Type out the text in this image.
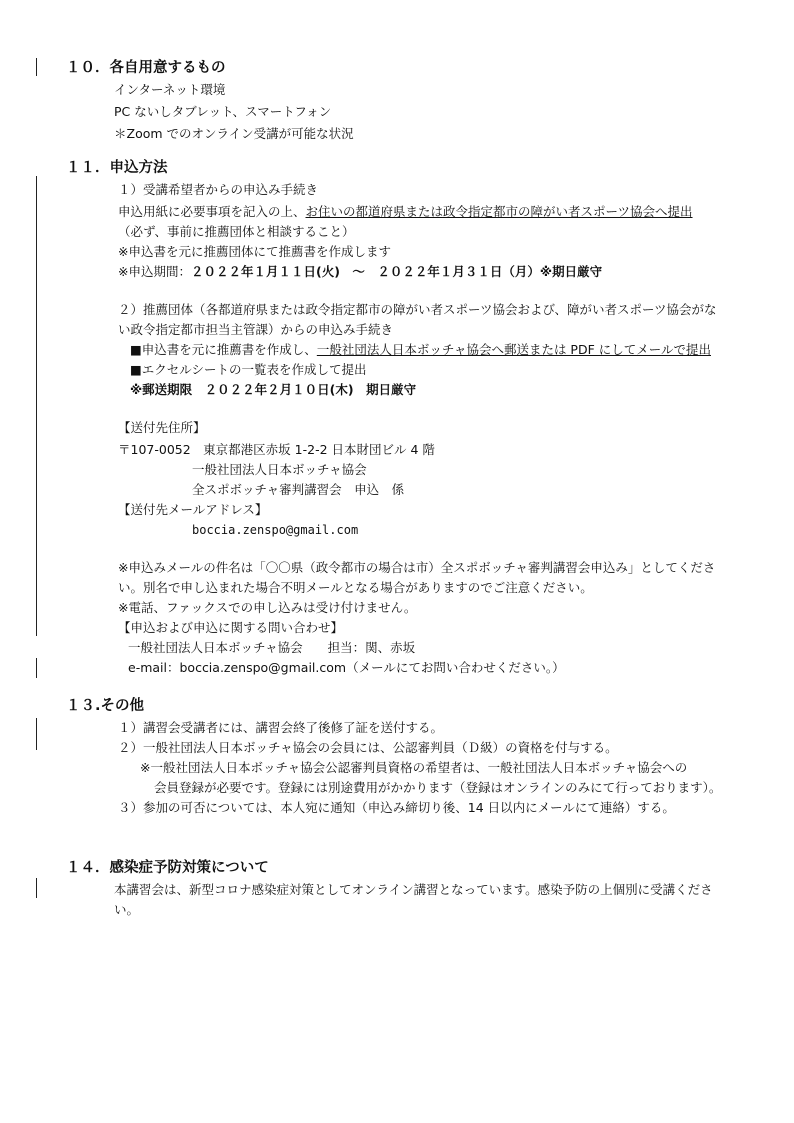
１０．各自用意するもの
インターネット環境
PC ないしタブレット、スマートフォン
＊Zoom でのオンライン受講が可能な状況
１１．申込方法
１）受講希望者からの申込み手続き
申込用紙に必要事項を記入の上、お住いの都道府県または政令指定都市の障がい者スポーツ協会へ提出
（必ず、事前に推薦団体と相談すること）
※申込書を元に推薦団体にて推薦書を作成します
※申込期間：２０２２年１月１１日(火)　～　２０２２年１月３１日（月）※期日厳守
２）推薦団体（各都道府県または政令指定都市の障がい者スポーツ協会および、障がい者スポーツ協会がな
い政令指定都市担当主管課）からの申込み手続き
■申込書を元に推薦書を作成し、一般社団法人日本ボッチャ協会へ郵送または PDF にしてメールで提出
■エクセルシートの一覧表を作成して提出
※郵送期限　２０２２年２月１０日(木)　期日厳守
【送付先住所】
〒107-0052　東京都港区赤坂 1-2-2 日本財団ビル 4 階
一般社団法人日本ボッチャ協会
全スポボッチャ審判講習会　申込　係
【送付先メールアドレス】
boccia.zenspo@gmail.com
※申込みメールの件名は「〇〇県（政令都市の場合は市）全スポボッチャ審判講習会申込み」としてくださ
い。別名で申し込まれた場合不明メールとなる場合がありますのでご注意ください。
※電話、ファックスでの申し込みは受け付けません。
【申込および申込に関する問い合わせ】
一般社団法人日本ボッチャ協会　　担当：関、赤坂
e-mail：boccia.zenspo@gmail.com（メールにてお問い合わせください。）
１３.その他
１）講習会受講者には、講習会終了後修了証を送付する。
２）一般社団法人日本ボッチャ協会の会員には、公認審判員（Ｄ級）の資格を付与する。
※一般社団法人日本ボッチャ協会公認審判員資格の希望者は、一般社団法人日本ボッチャ協会への
会員登録が必要です。登録には別途費用がかかります（登録はオンラインのみにて行っております）。
３）参加の可否については、本人宛に通知（申込み締切り後、14 日以内にメールにて連絡）する。
１４．感染症予防対策について
本講習会は、新型コロナ感染症対策としてオンライン講習となっています。感染予防の上個別に受講くださ
い。
